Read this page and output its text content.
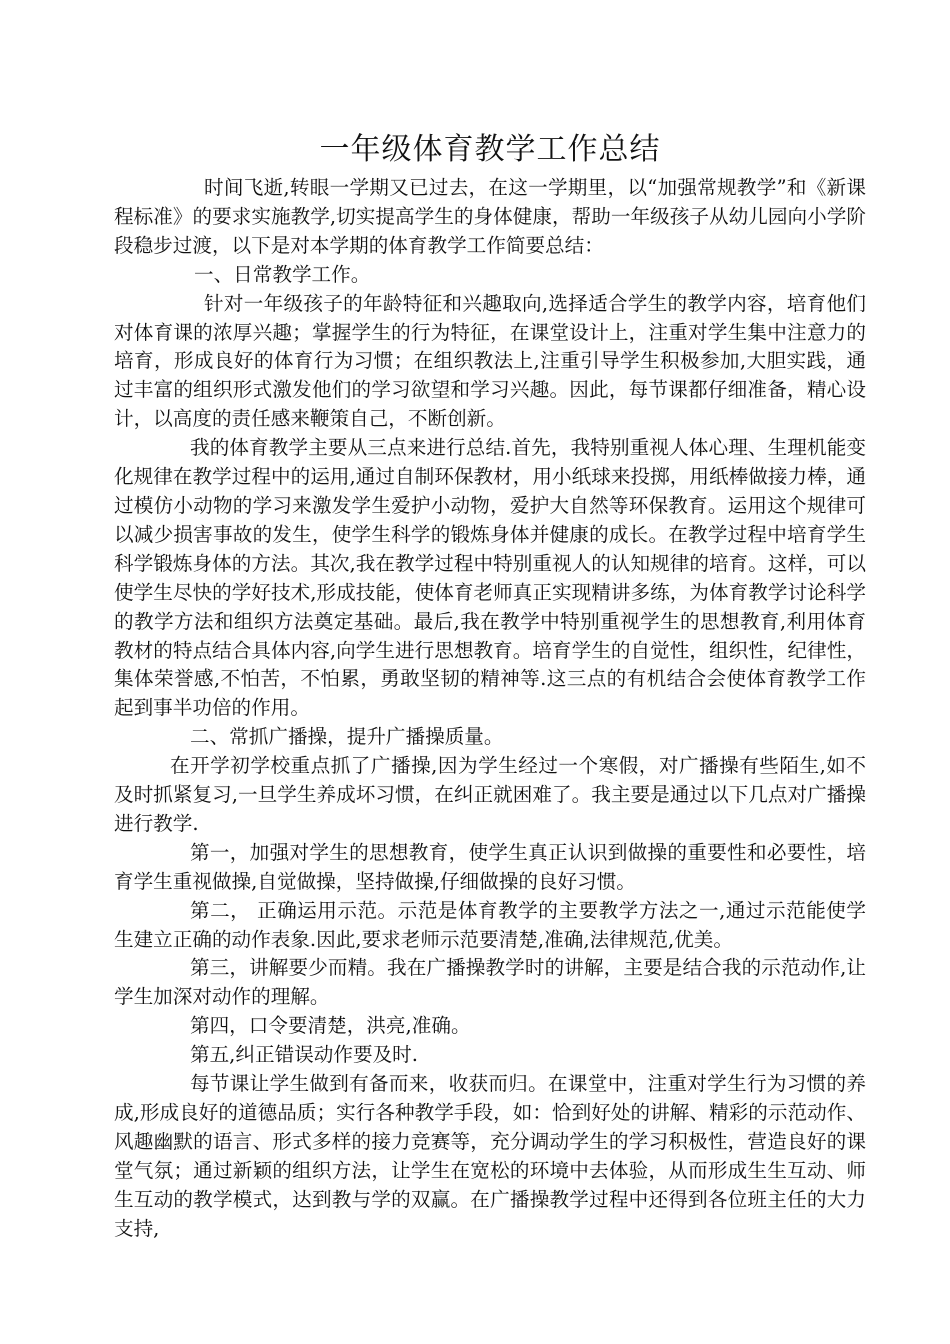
一年级体育教学工作总结

时间飞逝,转眼一学期又已过去，在这一学期里，以“加强常规教学”和《新课程标准》的要求实施教学,切实提高学生的身体健康，帮助一年级孩子从幼儿园向小学阶段稳步过渡，以下是对本学期的体育教学工作简要总结：

一、日常教学工作。

针对一年级孩子的年龄特征和兴趣取向,选择适合学生的教学内容，培育他们对体育课的浓厚兴趣；掌握学生的行为特征，在课堂设计上，注重对学生集中注意力的培育，形成良好的体育行为习惯；在组织教法上,注重引导学生积极参加,大胆实践，通过丰富的组织形式激发他们的学习欲望和学习兴趣。因此，每节课都仔细准备，精心设计，以高度的责任感来鞭策自己，不断创新。

我的体育教学主要从三点来进行总结.首先，我特别重视人体心理、生理机能变化规律在教学过程中的运用,通过自制环保教材，用小纸球来投掷，用纸棒做接力棒，通过模仿小动物的学习来激发学生爱护小动物，爱护大自然等环保教育。运用这个规律可以减少损害事故的发生，使学生科学的锻炼身体并健康的成长。在教学过程中培育学生科学锻炼身体的方法。其次,我在教学过程中特别重视人的认知规律的培育。这样，可以使学生尽快的学好技术,形成技能，使体育老师真正实现精讲多练，为体育教学讨论科学的教学方法和组织方法奠定基础。最后,我在教学中特别重视学生的思想教育,利用体育教材的特点结合具体内容,向学生进行思想教育。培育学生的自觉性，组织性，纪律性，集体荣誉感,不怕苦，不怕累，勇敢坚韧的精神等.这三点的有机结合会使体育教学工作起到事半功倍的作用。

二、常抓广播操，提升广播操质量。

在开学初学校重点抓了广播操,因为学生经过一个寒假，对广播操有些陌生,如不及时抓紧复习,一旦学生养成坏习惯，在纠正就困难了。我主要是通过以下几点对广播操进行教学.

第一，加强对学生的思想教育，使学生真正认识到做操的重要性和必要性，培育学生重视做操,自觉做操，坚持做操,仔细做操的良好习惯。

第二， 正确运用示范。示范是体育教学的主要教学方法之一,通过示范能使学生建立正确的动作表象.因此,要求老师示范要清楚,准确,法律规范,优美。

第三，讲解要少而精。我在广播操教学时的讲解，主要是结合我的示范动作,让学生加深对动作的理解。

第四，口令要清楚，洪亮,准确。

第五,纠正错误动作要及时.

每节课让学生做到有备而来，收获而归。在课堂中，注重对学生行为习惯的养成,形成良好的道德品质；实行各种教学手段，如：恰到好处的讲解、精彩的示范动作、风趣幽默的语言、形式多样的接力竞赛等，充分调动学生的学习积极性，营造良好的课堂气氛；通过新颖的组织方法，让学生在宽松的环境中去体验，从而形成生生互动、师生互动的教学模式，达到教与学的双赢。在广播操教学过程中还得到各位班主任的大力支持,
